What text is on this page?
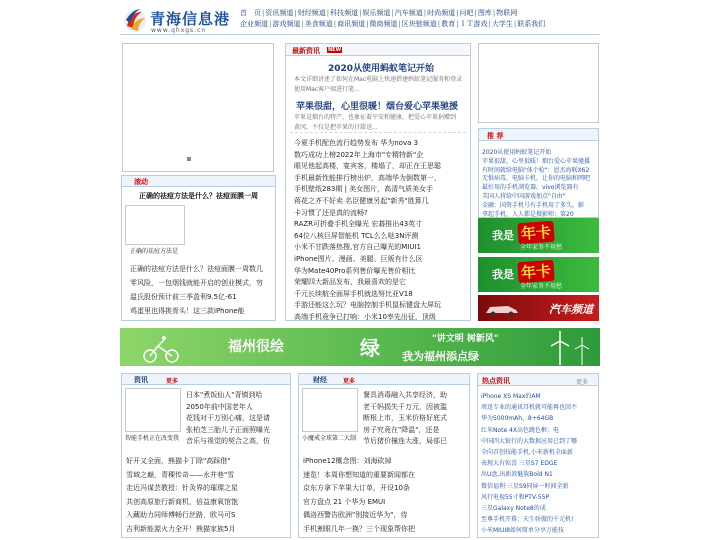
青海信息港
www.qhxgs.cn
首　页|资讯频道|财经频道|科技频道|娱乐频道|汽车频道|时尚频道|问吧|图库|物联网
企业频道|游戏频道|美食频道|商讯频道|微商频道|区块链频道|教育|ＩＴ游戏|大学生|联系我们
滚动
正确的祛痘方法是什么？祛痘面膜一周
正确的祛痘方法是
正确的祛痘方法是什么？祛痘面膜一周数几
零风险，一包烟钱就能开启的创业模式，穷
温氏股份预计前三季盈利9.5亿-61
鸡蛋里也得挑骨头！这三款iPhone能
最新资讯 NEW
2020从使用蚂蚁笔记开始
本文详细讲述了如何在Mac电脑上快速搭建蚂蚁笔记服务和登录
使用Mac客户端进行笔...
苹果很甜，心里很暖！烟台爱心苹果驰援
苹果是烟台的特产，也象征着平安和健康，把爱心苹果捐赠到
黄冈，不仅是把苹果的甘甜送...
今夏手机配色流行趋势发布 华为nova 3
数巧成功上榜2022年上海市"专精特新"企
眼见他起高楼，宴宾客，楼塌了，却正在王思聪
手机最新性能排行榜出炉，高端华为倒数第一，
手机壁纸283期 | 美女图片，高清气质美女手
蒋花之齐不好卖 名臣健康另起"新秀"胜算几
卡习惯了还是真的流畅?
RAZR可折叠手机全曝光 宏碁推出43英寸
64位八核巨屏智能机 TCL么么哒3N评测
小米不甘跌落热搜,官方自己曝光的MIUI1
iPhone图片、漫画、美腿、巨贩有什么区
华为Mate40Pro系列售价曝光售价相比
荣耀四大新品发布，我最喜欢的是它
千元长续航全面屏手机就选努比亚V18
手游还能这么玩？电脑控制手机鼠标键盘大屏玩
高端手机竟争已打响：小米10率先出征，顶级
推 荐
2020从使用蚂蚁笔记开始
苹果很甜，心里很暖！烟台爱心苹果驰援
有时间就给电脑"体个检"：恩杰海联X62
无惧病毒，电脑卡机，让你的电脑和网吧
最好用的手机浏览器，vivo浏览器有
美国人将给中国游戏加点"自由"
金融：国资手机号有手机用了多久，影
拿起手机，人人都是摄影师：第20
我是 年卡
全年家务不用愁
我是 年卡
全年家务不用愁
汽车频道
福州很绘	绿	"讲文明 树新风"
我为福州添点绿
资讯	更多
智能手机正在改变我
日本"煮饭仙人"背镇到哈
2050年前中国老年人
花钱对干万别心痛，这是请
张柏芝三胎儿子正面照曝光
音乐与视觉的契合之高，仿
好开又全面，熊猫卡丁除"高踩借"
雪域之巅，青稞传奇——水井巷"雪
走近冯谋芸教授：针灸界的璀璨之星
共创高原旅行新商机，倍益康氧馆饱
入藏助力同师傅畅行丝路，欧马可S
吉利新能源火力全开！熊猫家族5月
财经	更多
小魔戒全球第二大制
餐具消毒融入共享经济，助
老干妈损失千万元，因被滥
断根上市，玉米价格好底式
房子究竟在"降温"，还是
节后猪价撞连大涨，局部已
iPhone12概念图：刘海砍掉
速览！本周你想知道的重要新闻都在
京东方拿下苹果大订单，开设10条
官方盘点 21 个华为 EMUI
偶洛西警告欧洲"别接近华为"，待
手机割眼几年一换？三个现象帮你把
热点资讯	更多
iPhone XS Max的AM
周迅专业的通讯耳机就可能再也回不
华为5000mAh、8+64GB
红米Note 4X高色跳色框：电
中国四大银行的大数据应用已到了哪
全向首创技能手机,小米新机全面新
表现大有惊喜 三星S7 EDGE
出U盘,出新款魅族Bold N1
微信福利·三星S9同屏一时间全新
风行电视55寸和PTV-55P
三星Galaxy Note8的成
至尊手机开幕：天生骄傲的千元机!
小米MIUI8如何简单分享万能技
